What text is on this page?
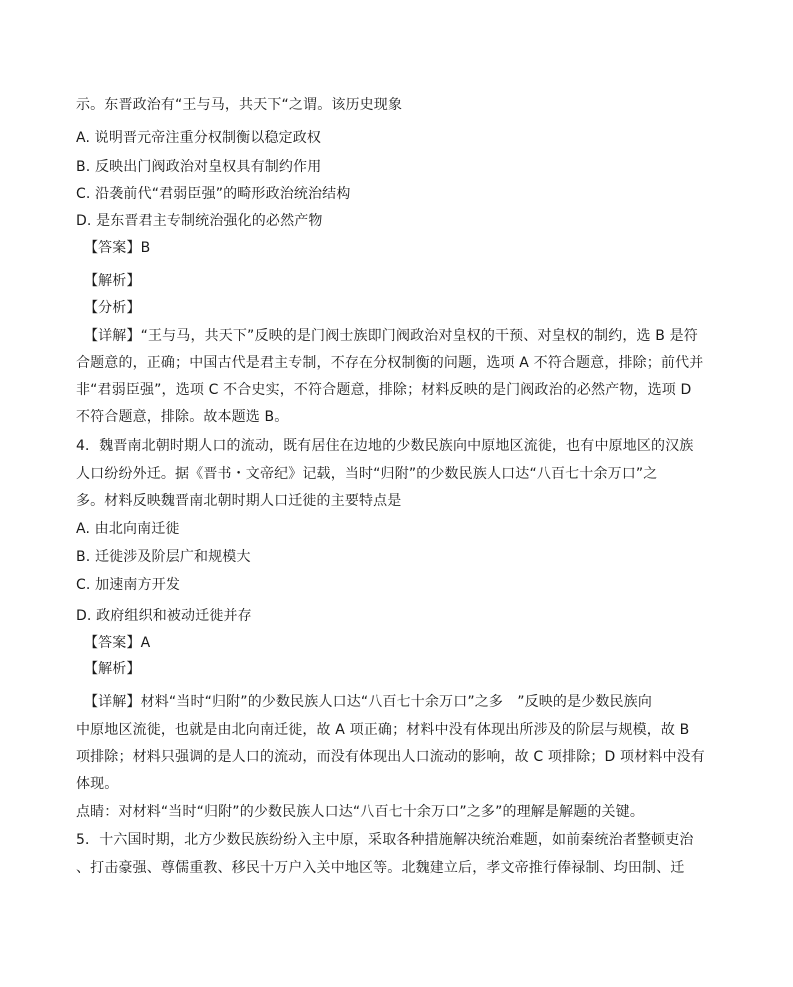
示。东晋政治有“王与马，共天下“之谓。该历史现象
A. 说明晋元帝注重分权制衡以稳定政权
B. 反映出门阀政治对皇权具有制约作用
C. 沿袭前代“君弱臣强”的畸形政治统治结构
D. 是东晋君主专制统治强化的必然产物
【答案】B
【解析】
【分析】
【详解】“王与马，共天下”反映的是门阀士族即门阀政治对皇权的干预、对皇权的制约，选 B 是符
合题意的，正确；中国古代是君主专制，不存在分权制衡的问题，选项 A 不符合题意，排除；前代并
非“君弱臣强”，选项 C 不合史实，不符合题意，排除；材料反映的是门阀政治的必然产物，选项 D
不符合题意，排除。故本题选 B。
4．魏晋南北朝时期人口的流动，既有居住在边地的少数民族向中原地区流徙，也有中原地区的汉族
人口纷纷外迁。据《晋书・文帝纪》记载，当时“归附”的少数民族人口达“八百七十余万口”之
多。材料反映魏晋南北朝时期人口迁徙的主要特点是
A. 由北向南迁徙
B. 迁徙涉及阶层广和规模大
C. 加速南方开发
D. 政府组织和被动迁徙并存
【答案】A
【解析】
【详解】材料“当时“归附”的少数民族人口达“八百七十余万口”之多　”反映的是少数民族向
中原地区流徙，也就是由北向南迁徙，故 A 项正确；材料中没有体现出所涉及的阶层与规模，故 B
项排除；材料只强调的是人口的流动，而没有体现出人口流动的影响，故 C 项排除；D 项材料中没有
体现。
点睛：对材料“当时“归附”的少数民族人口达“八百七十余万口”之多”的理解是解题的关键。
5．十六国时期，北方少数民族纷纷入主中原，采取各种措施解决统治难题，如前秦统治者整顿吏治
、打击豪强、尊儒重教、移民十万户入关中地区等。北魏建立后，孝文帝推行俸禄制、均田制、迁
